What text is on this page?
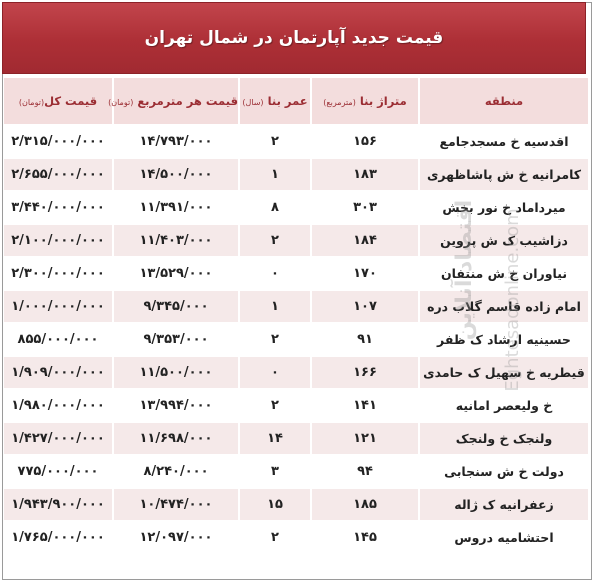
قیمت جدید آپارتمان در شمال تهران
منطقه	متراژ بنا (مترمربع)	عمر بنا (سال)	قیمت هر مترمربع (تومان)	قیمت کل(تومان)
اقدسیه خ مسجدجامع	۱۵۶	۲	۱۴/۷۹۳/۰۰۰	۲/۳۱۵/۰۰۰/۰۰۰
کامرانیه خ ش پاشاظهری	۱۸۳	۱	۱۴/۵۰۰/۰۰۰	۲/۶۵۵/۰۰۰/۰۰۰
میرداماد خ نور بخش	۳۰۳	۸	۱۱/۳۹۱/۰۰۰	۳/۴۴۰/۰۰۰/۰۰۰
دزاشیب ک ش پروین	۱۸۴	۲	۱۱/۴۰۳/۰۰۰	۲/۱۰۰/۰۰۰/۰۰۰
نیاوران خ ش منتفان	۱۷۰	۰	۱۳/۵۲۹/۰۰۰	۲/۳۰۰/۰۰۰/۰۰۰
امام زاده قاسم گلاب دره	۱۰۷	۱	۹/۳۴۵/۰۰۰	۱/۰۰۰/۰۰۰/۰۰۰
حسینیه ارشاد ک ظفر	۹۱	۲	۹/۳۵۳/۰۰۰	۸۵۵/۰۰۰/۰۰۰
قیطریه خ سهیل ک حامدی	۱۶۶	۰	۱۱/۵۰۰/۰۰۰	۱/۹۰۹/۰۰۰/۰۰۰
خ ولیعصر امانیه	۱۴۱	۲	۱۳/۹۹۴/۰۰۰	۱/۹۸۰/۰۰۰/۰۰۰
ولنجک خ ولنجک	۱۲۱	۱۴	۱۱/۶۹۸/۰۰۰	۱/۴۲۷/۰۰۰/۰۰۰
دولت خ ش سنجابی	۹۴	۳	۸/۲۴۰/۰۰۰	۷۷۵/۰۰۰/۰۰۰
زعفرانیه ک ژاله	۱۸۵	۱۵	۱۰/۴۷۴/۰۰۰	۱/۹۴۳/۹۰۰/۰۰۰
احتشامیه دروس	۱۴۵	۲	۱۲/۰۹۷/۰۰۰	۱/۷۶۵/۰۰۰/۰۰۰
اقتصاد آنلاین Eghtesadonline.com
